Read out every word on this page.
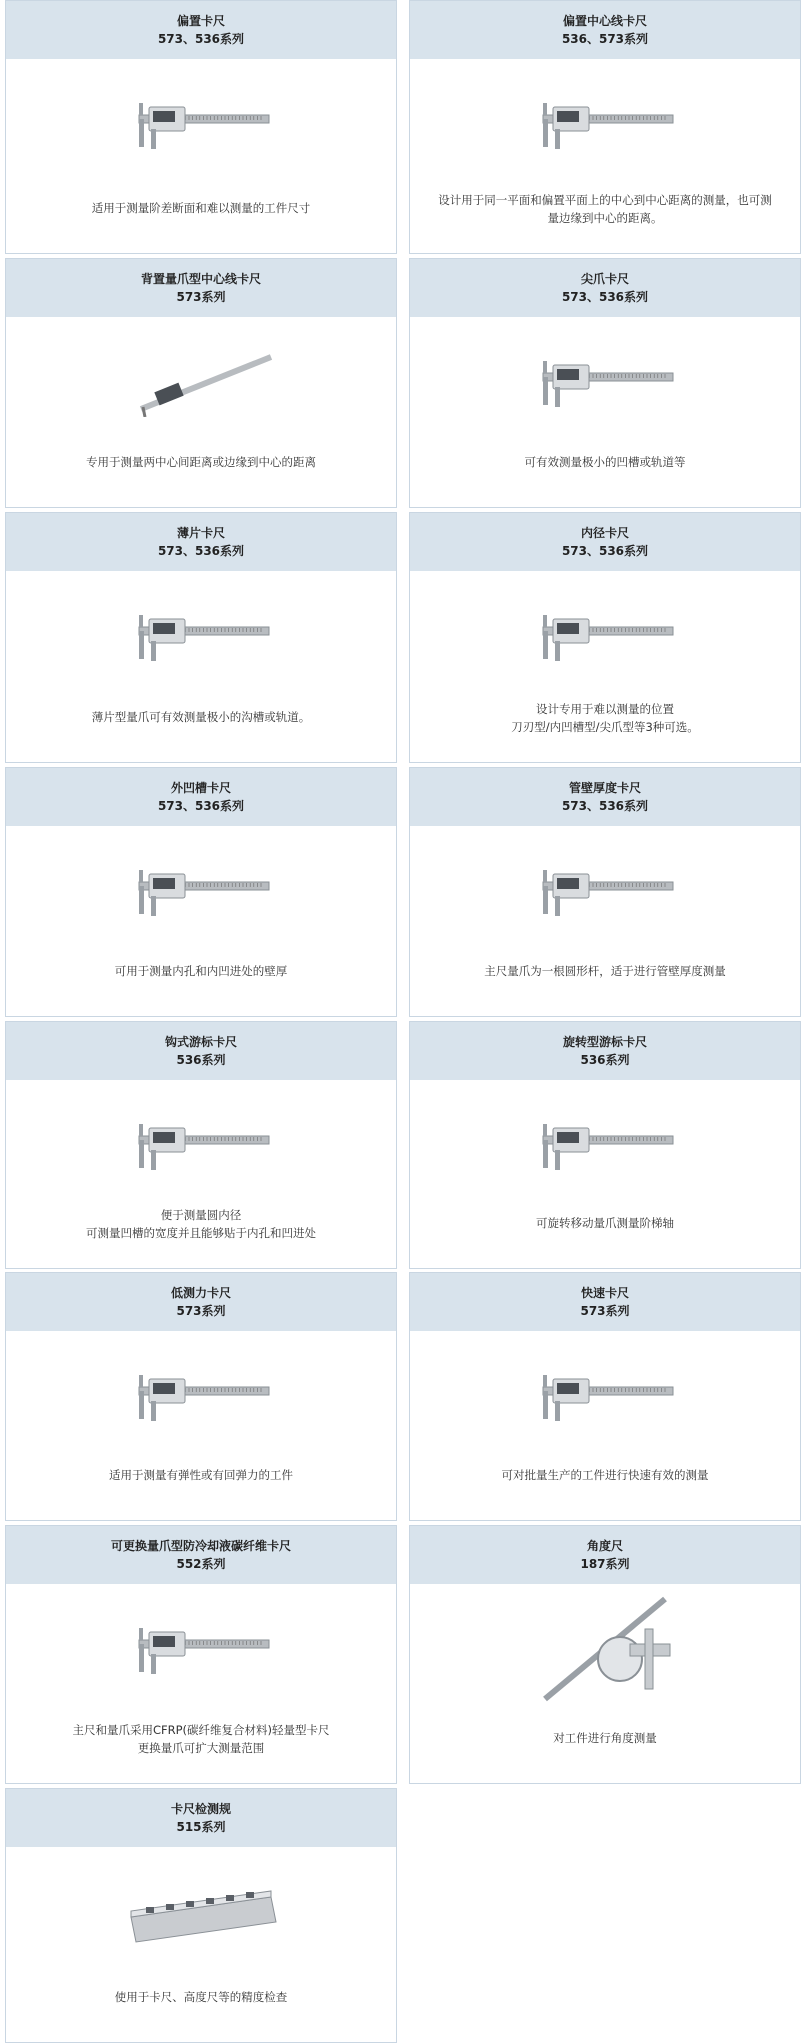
偏置卡尺
573、536系列
适用于测量阶差断面和难以测量的工件尺寸
偏置中心线卡尺
536、573系列
设计用于同一平面和偏置平面上的中心到中心距离的测量，也可测
量边缘到中心的距离。
背置量爪型中心线卡尺
573系列
专用于测量两中心间距离或边缘到中心的距离
尖爪卡尺
573、536系列
可有效测量极小的凹槽或轨道等
薄片卡尺
573、536系列
薄片型量爪可有效测量极小的沟槽或轨道。
内径卡尺
573、536系列
设计专用于难以测量的位置
刀刃型/内凹槽型/尖爪型等3种可选。
外凹槽卡尺
573、536系列
可用于测量内孔和内凹进处的壁厚
管壁厚度卡尺
573、536系列
主尺量爪为一根圆形杆，适于进行管壁厚度测量
钩式游标卡尺
536系列
便于测量圆内径
可测量凹槽的宽度并且能够贴于内孔和凹进处
旋转型游标卡尺
536系列
可旋转移动量爪测量阶梯轴
低测力卡尺
573系列
适用于测量有弹性或有回弹力的工件
快速卡尺
573系列
可对批量生产的工件进行快速有效的测量
可更换量爪型防冷却液碳纤维卡尺
552系列
主尺和量爪采用CFRP(碳纤维复合材料)轻量型卡尺
更换量爪可扩大测量范围
角度尺
187系列
对工件进行角度测量
卡尺检测规
515系列
使用于卡尺、高度尺等的精度检查
